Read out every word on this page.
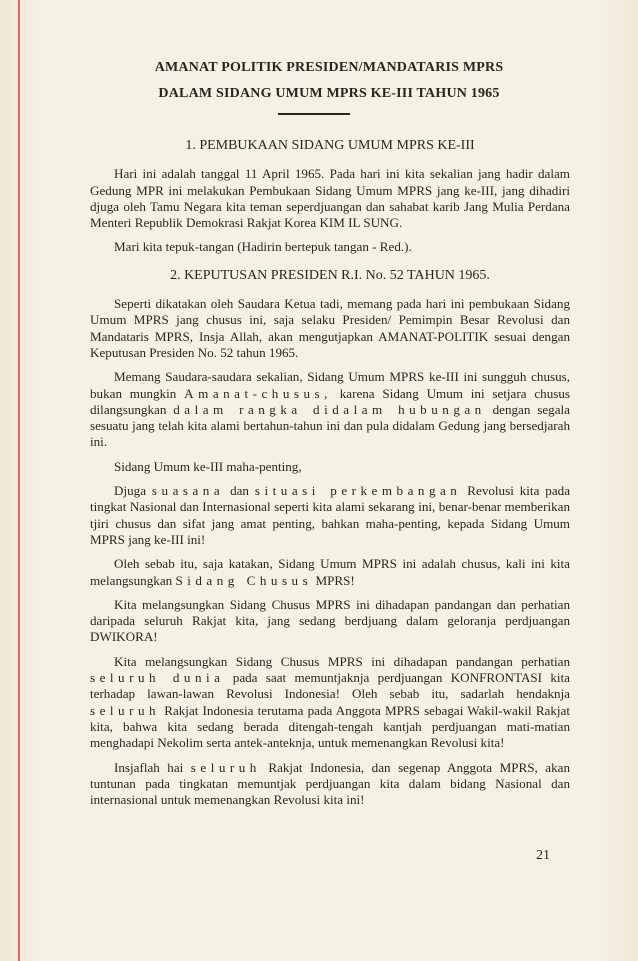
AMANAT POLITIK PRESIDEN/MANDATARIS MPRS
DALAM SIDANG UMUM MPRS KE-III TAHUN 1965
1. PEMBUKAAN SIDANG UMUM MPRS KE-III

Hari ini adalah tanggal 11 April 1965. Pada hari ini kita sekalian jang hadir dalam Gedung MPR ini melakukan Pembukaan Sidang Umum MPRS jang ke-III, jang dihadiri djuga oleh Tamu Negara kita teman seperdjuangan dan sahabat karib Jang Mulia Perdana Menteri Republik Demokrasi Rakjat Korea KIM IL SUNG.

Mari kita tepuk-tangan (Hadirin bertepuk tangan - Red.).

2. KEPUTUSAN PRESIDEN R.I. No. 52 TAHUN 1965.

Seperti dikatakan oleh Saudara Ketua tadi, memang pada hari ini pembukaan Sidang Umum MPRS jang chusus ini, saja selaku Presiden/ Pemimpin Besar Revolusi dan Mandataris MPRS, Insja Allah, akan mengutjapkan AMANAT-POLITIK sesuai dengan Keputusan Presiden No. 52 tahun 1965.

Memang Saudara-saudara sekalian, Sidang Umum MPRS ke-III ini sungguh chusus, bukan mungkin Amanat-chusus, karena Sidang Umum ini setjara chusus dilangsungkan dalam rangka didalam hubungan dengan segala sesuatu jang telah kita alami bertahun-tahun ini dan pula didalam Gedung jang bersedjarah ini.

Sidang Umum ke-III maha-penting,

Djuga suasana dan situasi perkembangan Revolusi kita pada tingkat Nasional dan Internasional seperti kita alami sekarang ini, benar-benar memberikan tjiri chusus dan sifat jang amat penting, bahkan maha-penting, kepada Sidang Umum MPRS jang ke-III ini!

Oleh sebab itu, saja katakan, Sidang Umum MPRS ini adalah chusus, kali ini kita melangsungkan Sidang Chusus MPRS!

Kita melangsungkan Sidang Chusus MPRS ini dihadapan pandangan dan perhatian daripada seluruh Rakjat kita, jang sedang berdjuang dalam geloranja perdjuangan DWIKORA!

Kita melangsungkan Sidang Chusus MPRS ini dihadapan pandangan perhatian seluruh dunia pada saat memuntjaknja perdjuangan KONFRONTASI kita terhadap lawan-lawan Revolusi Indonesia! Oleh sebab itu, sadarlah hendaknja seluruh Rakjat Indonesia terutama pada Anggota MPRS sebagai Wakil-wakil Rakjat kita, bahwa kita sedang berada ditengah-tengah kantjah perdjuangan mati-matian menghadapi Nekolim serta antek-anteknja, untuk memenangkan Revolusi kita!

Insjaflah hai seluruh Rakjat Indonesia, dan segenap Anggota MPRS, akan tuntunan pada tingkatan memuntjak perdjuangan kita dalam bidang Nasional dan internasional untuk memenangkan Revolusi kita ini!

21
